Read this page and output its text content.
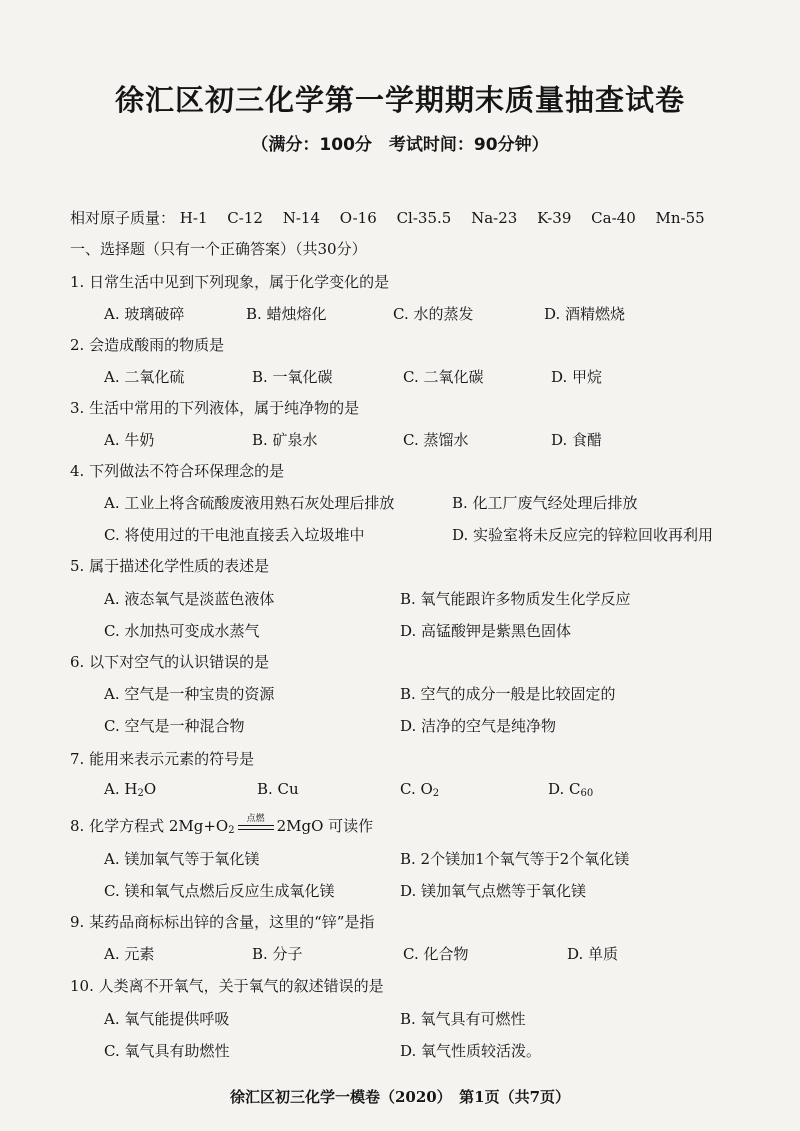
徐汇区初三化学第一学期期末质量抽查试卷
（满分：100分　考试时间：90分钟）
相对原子质量： H-1 C-12 N-14 O-16 Cl-35.5 Na-23 K-39 Ca-40 Mn-55
一、选择题（只有一个正确答案）（共30分）
1. 日常生活中见到下列现象，属于化学变化的是
A. 玻璃破碎	B. 蜡烛熔化	C. 水的蒸发	D. 酒精燃烧
2. 会造成酸雨的物质是
A. 二氧化硫	B. 一氧化碳	C. 二氧化碳	D. 甲烷
3. 生活中常用的下列液体，属于纯净物的是
A. 牛奶	B. 矿泉水	C. 蒸馏水	D. 食醋
4. 下列做法不符合环保理念的是
A. 工业上将含硫酸废液用熟石灰处理后排放	B. 化工厂废气经处理后排放
C. 将使用过的干电池直接丢入垃圾堆中	D. 实验室将未反应完的锌粒回收再利用
5. 属于描述化学性质的表述是
A. 液态氧气是淡蓝色液体	B. 氧气能跟许多物质发生化学反应
C. 水加热可变成水蒸气	D. 高锰酸钾是紫黑色固体
6. 以下对空气的认识错误的是
A. 空气是一种宝贵的资源	B. 空气的成分一般是比较固定的
C. 空气是一种混合物	D. 洁净的空气是纯净物
7. 能用来表示元素的符号是
A. $H_2O$	B. Cu	C. $O_2$	D. $C_{60}$
8. 化学方程式 $2Mg+O_2$
点燃 2MgO 可读作
A. 镁加氧气等于氧化镁	B. 2个镁加1个氧气等于2个氧化镁
C. 镁和氧气点燃后反应生成氧化镁	D. 镁加氧气点燃等于氧化镁
9. 某药品商标标出锌的含量，这里的“锌”是指
A. 元素	B. 分子	C. 化合物	D. 单质
10. 人类离不开氧气，关于氧气的叙述错误的是
A. 氧气能提供呼吸	B. 氧气具有可燃性
C. 氧气具有助燃性	D. 氧气性质较活泼。
徐汇区初三化学一模卷（2020）　第1页（共7页）
